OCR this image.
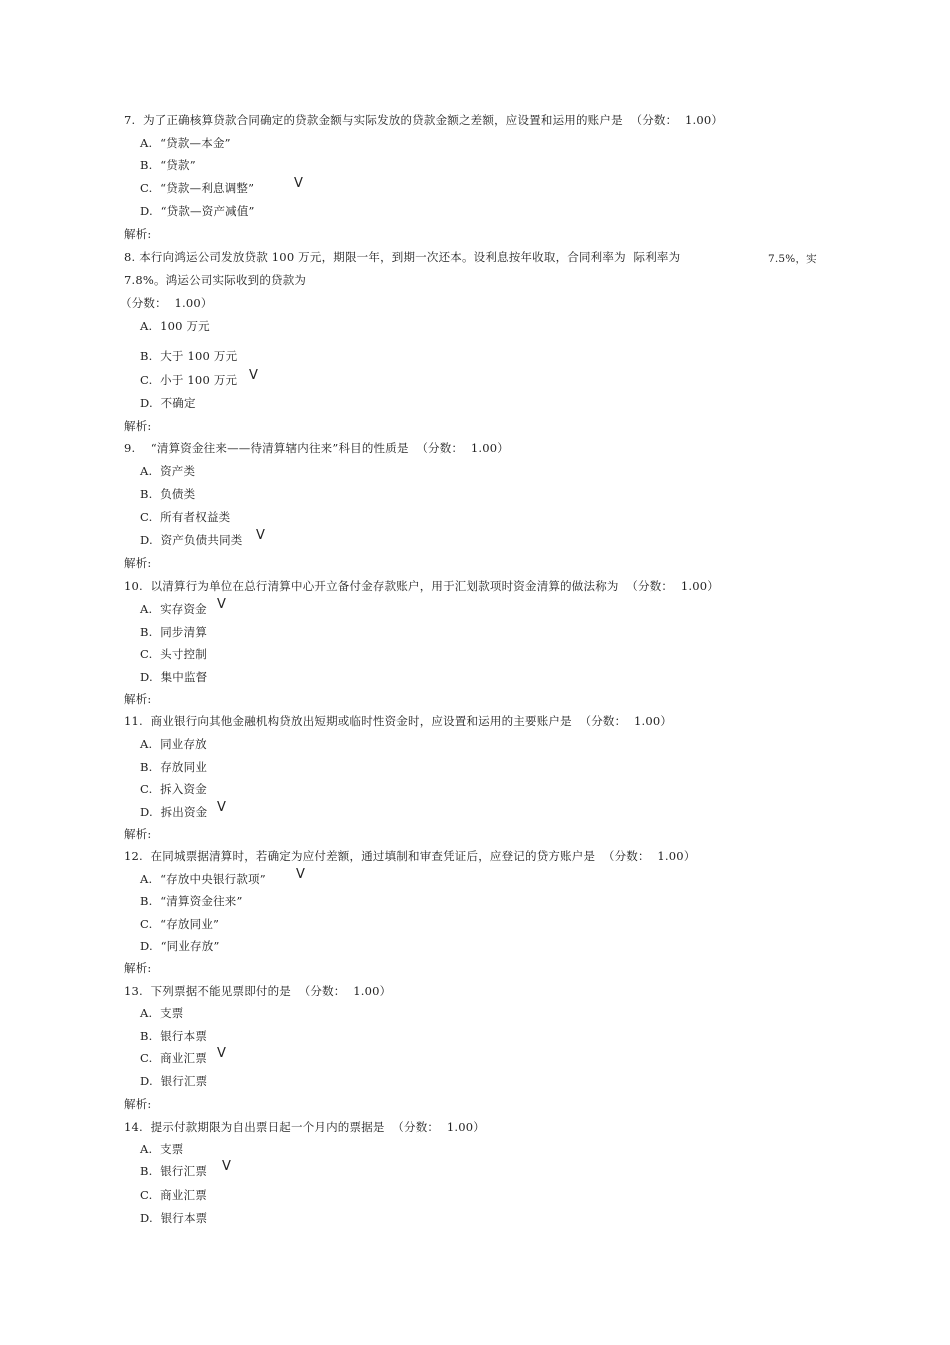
7.  为了正确核算贷款合同确定的贷款金额与实际发放的贷款金额之差额，应设置和运用的账户是  （分数：  1.00）
A.  “贷款—本金”
B.  “贷款”
C.  “贷款—利息调整”	V
D.  “贷款—资产减值”
解析:
8. 本行向鸿运公司发放贷款 100 万元，期限一年，到期一次还本。设利息按年收取，合同利率为  际利率为	7.5%，实
7.8%。鸿运公司实际收到的贷款为
（分数：  1.00）
A.  100 万元
B.  大于 100 万元
C.  小于 100 万元 V
D.  不确定
解析:
9.    “清算资金往来——待清算辖内往来”科目的性质是  （分数：  1.00）
A.  资产类
B.  负债类
C.  所有者权益类
D.  资产负债共同类 V
解析:
10.  以清算行为单位在总行清算中心开立备付金存款账户，用于汇划款项时资金清算的做法称为  （分数：  1.00）
A.  实存资金 V
B.  同步清算
C.  头寸控制
D.  集中监督
解析:
11.  商业银行向其他金融机构贷放出短期或临时性资金时，应设置和运用的主要账户是  （分数：  1.00）
A.  同业存放
B.  存放同业
C.  拆入资金
D.  拆出资金 V
解析:
12.  在同城票据清算时，若确定为应付差额，通过填制和审查凭证后，应登记的贷方账户是  （分数：  1.00）
A.  “存放中央银行款项” V
B.  “清算资金往来”
C.  “存放同业”
D.  “同业存放”
解析:
13.  下列票据不能见票即付的是  （分数：  1.00）
A.  支票
B.  银行本票
C.  商业汇票 V
D.  银行汇票
解析:
14.  提示付款期限为自出票日起一个月内的票据是  （分数：  1.00）
A.  支票
B.  银行汇票 V
C.  商业汇票
D.  银行本票
